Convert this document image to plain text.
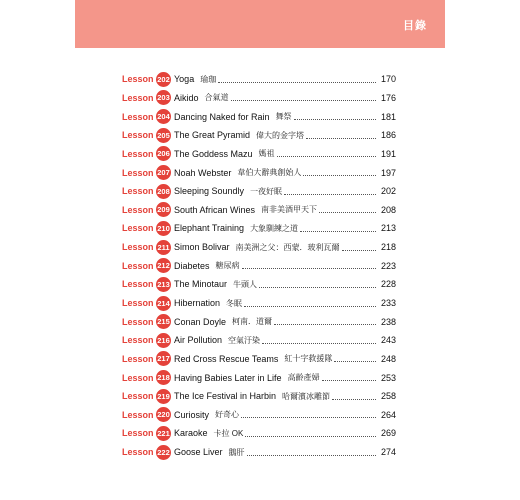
目錄
Lesson 202 Yoga 瑜珈	170
Lesson 203 Aikido 合氣道	176
Lesson 204 Dancing Naked for Rain 舞祭	181
Lesson 205 The Great Pyramid 偉大的金字塔	186
Lesson 206 The Goddess Mazu 媽祖	191
Lesson 207 Noah Webster 韋伯大辭典創始人	197
Lesson 208 Sleeping Soundly 一夜好眠	202
Lesson 209 South African Wines 南非美酒甲天下	208
Lesson 210 Elephant Training 大象馴練之道	213
Lesson 211 Simon Bolivar 南美洲之父：西蒙．玻利瓦爾	218
Lesson 212 Diabetes 糖尿病	223
Lesson 213 The Minotaur 牛頭人	228
Lesson 214 Hibernation 冬眠	233
Lesson 215 Conan Doyle 柯南．道爾	238
Lesson 216 Air Pollution 空氣汙染	243
Lesson 217 Red Cross Rescue Teams 紅十字救援隊	248
Lesson 218 Having Babies Later in Life 高齡產婦	253
Lesson 219 The Ice Festival in Harbin 哈爾濱冰雕節	258
Lesson 220 Curiosity 好奇心	264
Lesson 221 Karaoke 卡拉 OK	269
Lesson 222 Goose Liver 鵝肝	274
